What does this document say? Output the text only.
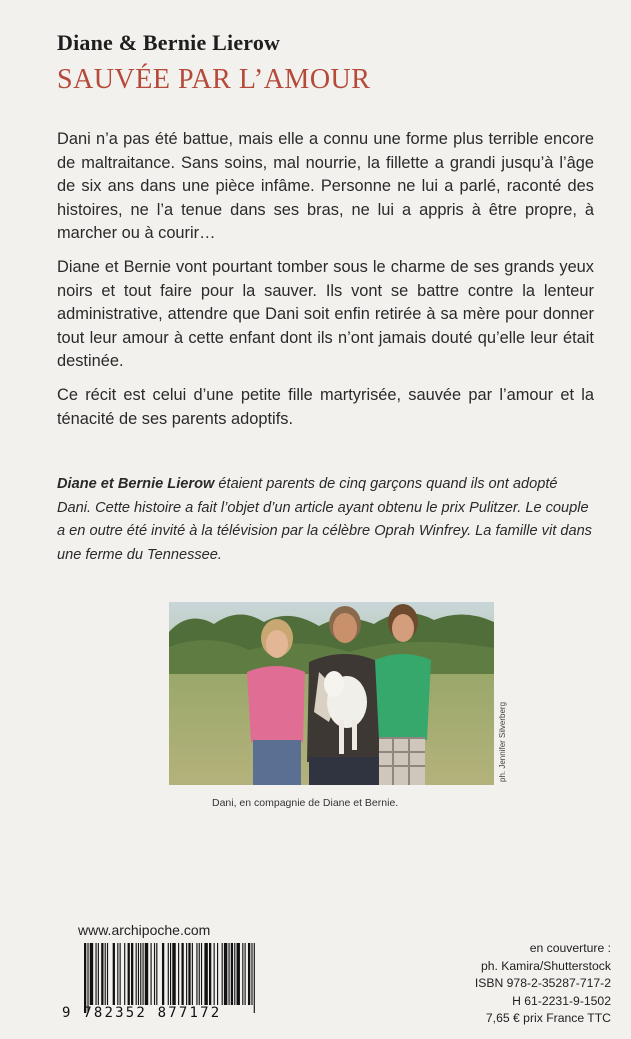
Diane & Bernie Lierow
SAUVÉE PAR L’AMOUR

Dani n’a pas été battue, mais elle a connu une forme plus terrible encore de maltraitance. Sans soins, mal nourrie, la fillette a grandi jusqu’à l’âge de six ans dans une pièce infâme. Personne ne lui a parlé, raconté des histoires, ne l’a tenue dans ses bras, ne lui a appris à être propre, à marcher ou à courir…

Diane et Bernie vont pourtant tomber sous le charme de ses grands yeux noirs et tout faire pour la sauver. Ils vont se battre contre la lenteur administrative, attendre que Dani soit enfin retirée à sa mère pour donner tout leur amour à cette enfant dont ils n’ont jamais douté qu’elle leur était destinée.

Ce récit est celui d’une petite fille martyrisée, sauvée par l’amour et la ténacité de ses parents adoptifs.

Diane et Bernie Lierow étaient parents de cinq garçons quand ils ont adopté Dani. Cette histoire a fait l’objet d’un article ayant obtenu le prix Pulitzer. Le couple a en outre été invité à la télévision par la célèbre Oprah Winfrey. La famille vit dans une ferme du Tennessee.
ph. Jennifer Silverberg
Dani, en compagnie de Diane et Bernie.
www.archipoche.com
9 782352 877172
en couverture :
ph. Kamira/Shutterstock
ISBN 978-2-35287-717-2
H 61-2231-9-1502
7,65 € prix France TTC
